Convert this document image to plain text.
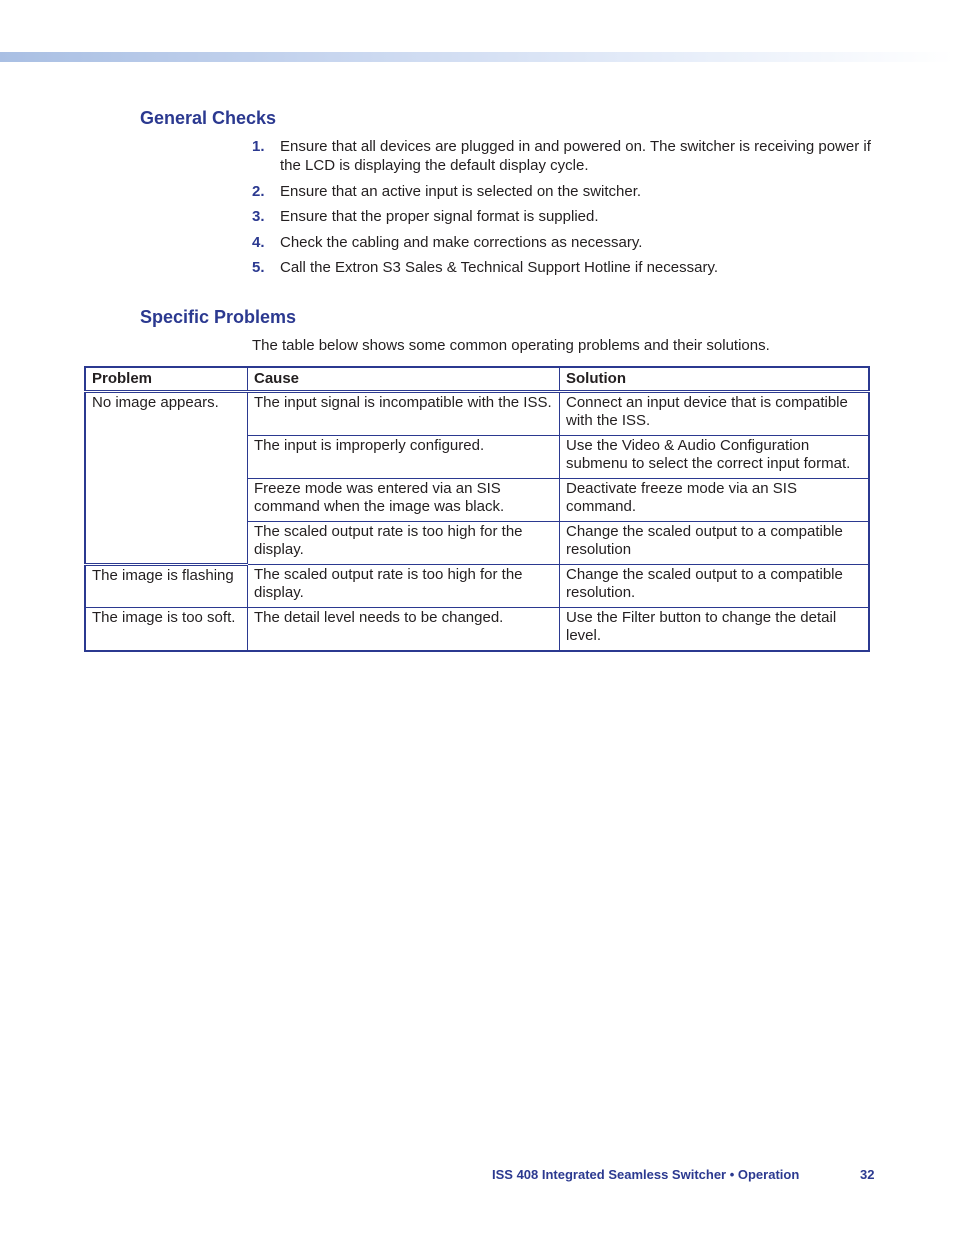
General Checks
1. Ensure that all devices are plugged in and powered on. The switcher is receiving power if the LCD is displaying the default display cycle.
2. Ensure that an active input is selected on the switcher.
3. Ensure that the proper signal format is supplied.
4. Check the cabling and make corrections as necessary.
5. Call the Extron S3 Sales & Technical Support Hotline if necessary.
Specific Problems

The table below shows some common operating problems and their solutions.

Problem	Cause	Solution
No image appears.	The input signal is incompatible with the ISS.	Connect an input device that is compatible with the ISS.
	The input is improperly configured.	Use the Video & Audio Configuration submenu to select the correct input format.
	Freeze mode was entered via an SIS command when the image was black.	Deactivate freeze mode via an SIS command.
	The scaled output rate is too high for the display.	Change the scaled output to a compatible resolution
The image is flashing	The scaled output rate is too high for the display.	Change the scaled output to a compatible resolution.
The image is too soft.	The detail level needs to be changed.	Use the Filter button to change the detail level.
ISS 408 Integrated Seamless Switcher • Operation	32
